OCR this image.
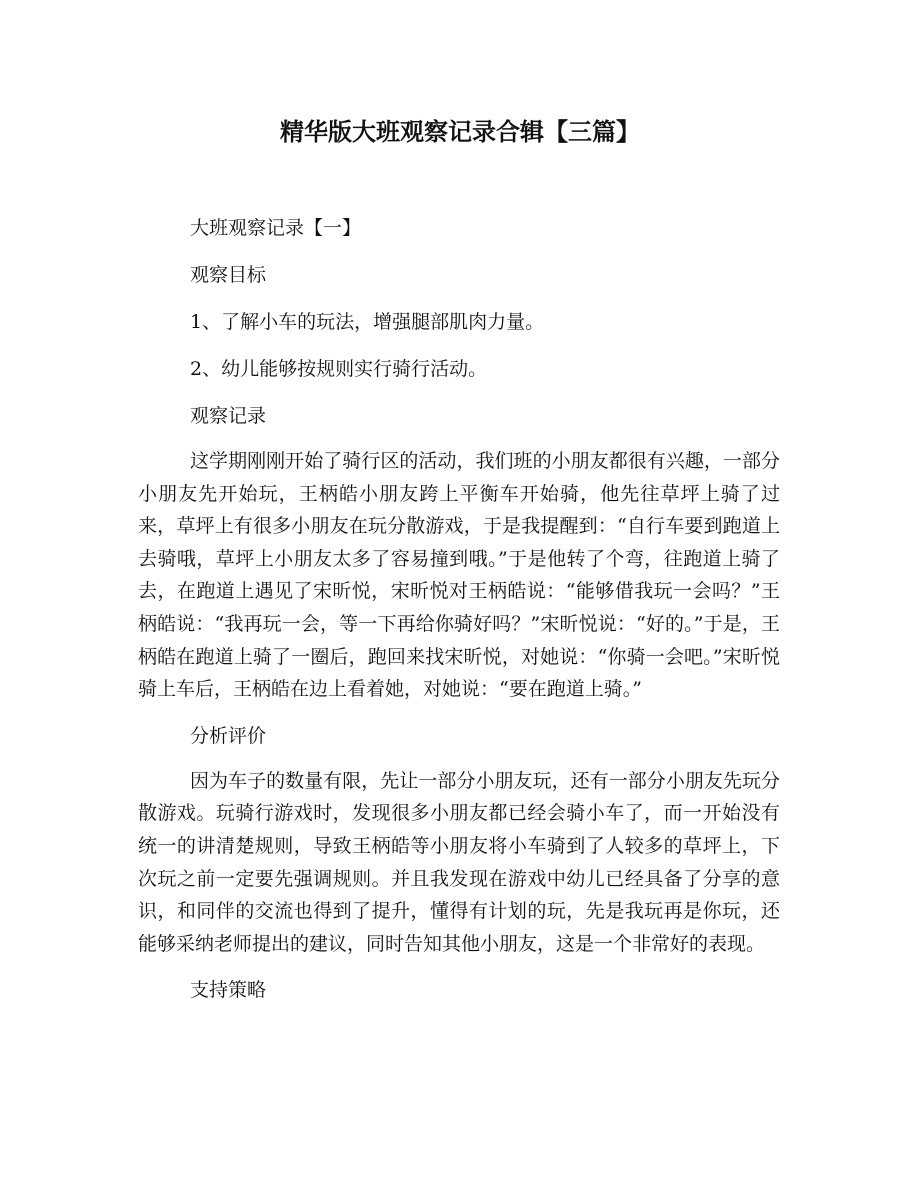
精华版大班观察记录合辑【三篇】

大班观察记录【一】

观察目标

1、了解小车的玩法，增强腿部肌肉力量。

2、幼儿能够按规则实行骑行活动。

观察记录

这学期刚刚开始了骑行区的活动，我们班的小朋友都很有兴趣，一部分小朋友先开始玩，王柄皓小朋友跨上平衡车开始骑，他先往草坪上骑了过来，草坪上有很多小朋友在玩分散游戏，于是我提醒到：“自行车要到跑道上去骑哦，草坪上小朋友太多了容易撞到哦。”于是他转了个弯，往跑道上骑了去，在跑道上遇见了宋昕悦，宋昕悦对王柄皓说：“能够借我玩一会吗？”王柄皓说：“我再玩一会，等一下再给你骑好吗？”宋昕悦说：“好的。”于是，王柄皓在跑道上骑了一圈后，跑回来找宋昕悦，对她说：“你骑一会吧。”宋昕悦骑上车后，王柄皓在边上看着她，对她说：“要在跑道上骑。”

分析评价

因为车子的数量有限，先让一部分小朋友玩，还有一部分小朋友先玩分散游戏。玩骑行游戏时，发现很多小朋友都已经会骑小车了，而一开始没有统一的讲清楚规则，导致王柄皓等小朋友将小车骑到了人较多的草坪上，下次玩之前一定要先强调规则。并且我发现在游戏中幼儿已经具备了分享的意识，和同伴的交流也得到了提升，懂得有计划的玩，先是我玩再是你玩，还能够采纳老师提出的建议，同时告知其他小朋友，这是一个非常好的表现。

支持策略
